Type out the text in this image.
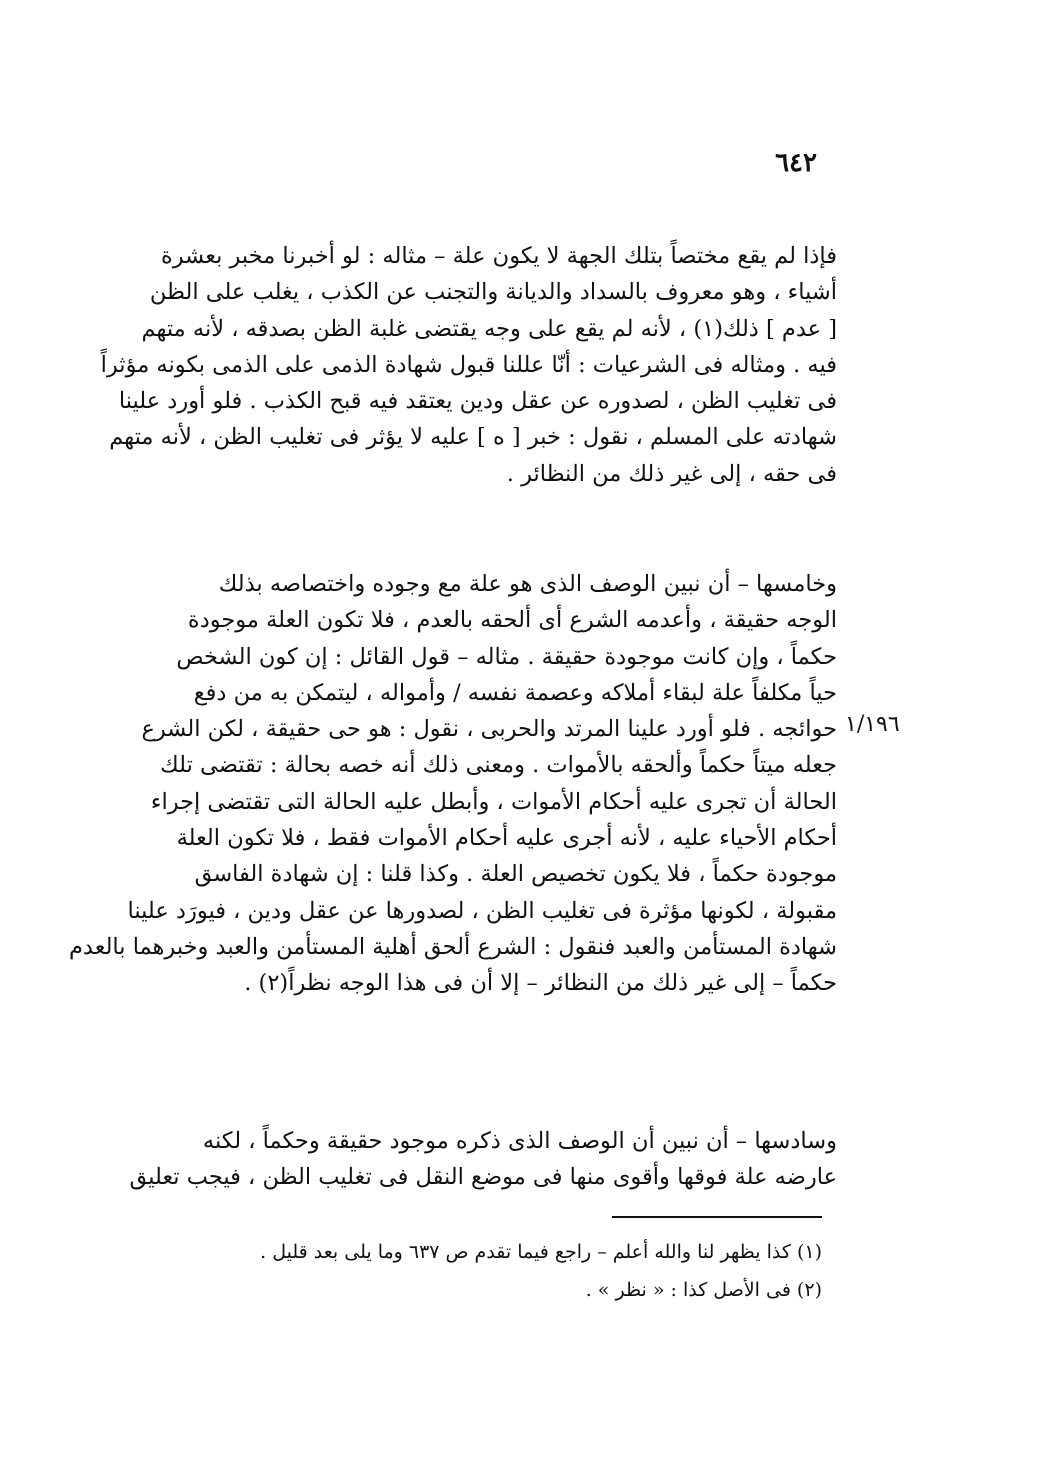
٦٤٢
فإذا لم يقع مختصاً بتلك الجهة لا يكون علة – مثاله : لو أخبرنا مخبر بعشرة
أشياء ، وهو معروف بالسداد والديانة والتجنب عن الكذب ، يغلب على الظن
[ عدم ] ذلك(١) ، لأنه لم يقع على وجه يقتضى غلبة الظن بصدقه ، لأنه متهم
فيه . ومثاله فى الشرعيات : أنّا عللنا قبول شهادة الذمى على الذمى بكونه مؤثراً
فى تغليب الظن ، لصدوره عن عقل ودين يعتقد فيه قبح الكذب . فلو أورد علينا
شهادته على المسلم ، نقول : خبر [ ه ] عليه لا يؤثر فى تغليب الظن ، لأنه متهم
فى حقه ، إلى غير ذلك من النظائر .
وخامسها – أن نبين الوصف الذى هو علة مع وجوده واختصاصه بذلك
الوجه حقيقة ، وأعدمه الشرع أى ألحقه بالعدم ، فلا تكون العلة موجودة
حكماً ، وإن كانت موجودة حقيقة . مثاله – قول القائل : إن كون الشخص
حياً مكلفاً علة لبقاء أملاكه وعصمة نفسه / وأمواله ، ليتمكن به من دفع
حوائجه . فلو أورد علينا المرتد والحربى ، نقول : هو حى حقيقة ، لكن الشرع
جعله ميتاً حكماً وألحقه بالأموات . ومعنى ذلك أنه خصه بحالة : تقتضى تلك
الحالة أن تجرى عليه أحكام الأموات ، وأبطل عليه الحالة التى تقتضى إجراء
أحكام الأحياء عليه ، لأنه أجرى عليه أحكام الأموات فقط ، فلا تكون العلة
موجودة حكماً ، فلا يكون تخصيص العلة . وكذا قلنا : إن شهادة الفاسق
مقبولة ، لكونها مؤثرة فى تغليب الظن ، لصدورها عن عقل ودين ، فيورَد علينا
شهادة المستأمن والعبد فنقول : الشرع ألحق أهلية المستأمن والعبد وخبرهما بالعدم
حكماً – إلى غير ذلك من النظائر – إلا أن فى هذا الوجه نظراً(٢) .
١/١٩٦
وسادسها – أن نبين أن الوصف الذى ذكره موجود حقيقة وحكماً ، لكنه
عارضه علة فوقها وأقوى منها فى موضع النقل فى تغليب الظن ، فيجب تعليق
(١) كذا يظهر لنا والله أعلم – راجع فيما تقدم ص ٦٣٧ وما يلى بعد قليل .
(٢) فى الأصل كذا : « نظر » .
